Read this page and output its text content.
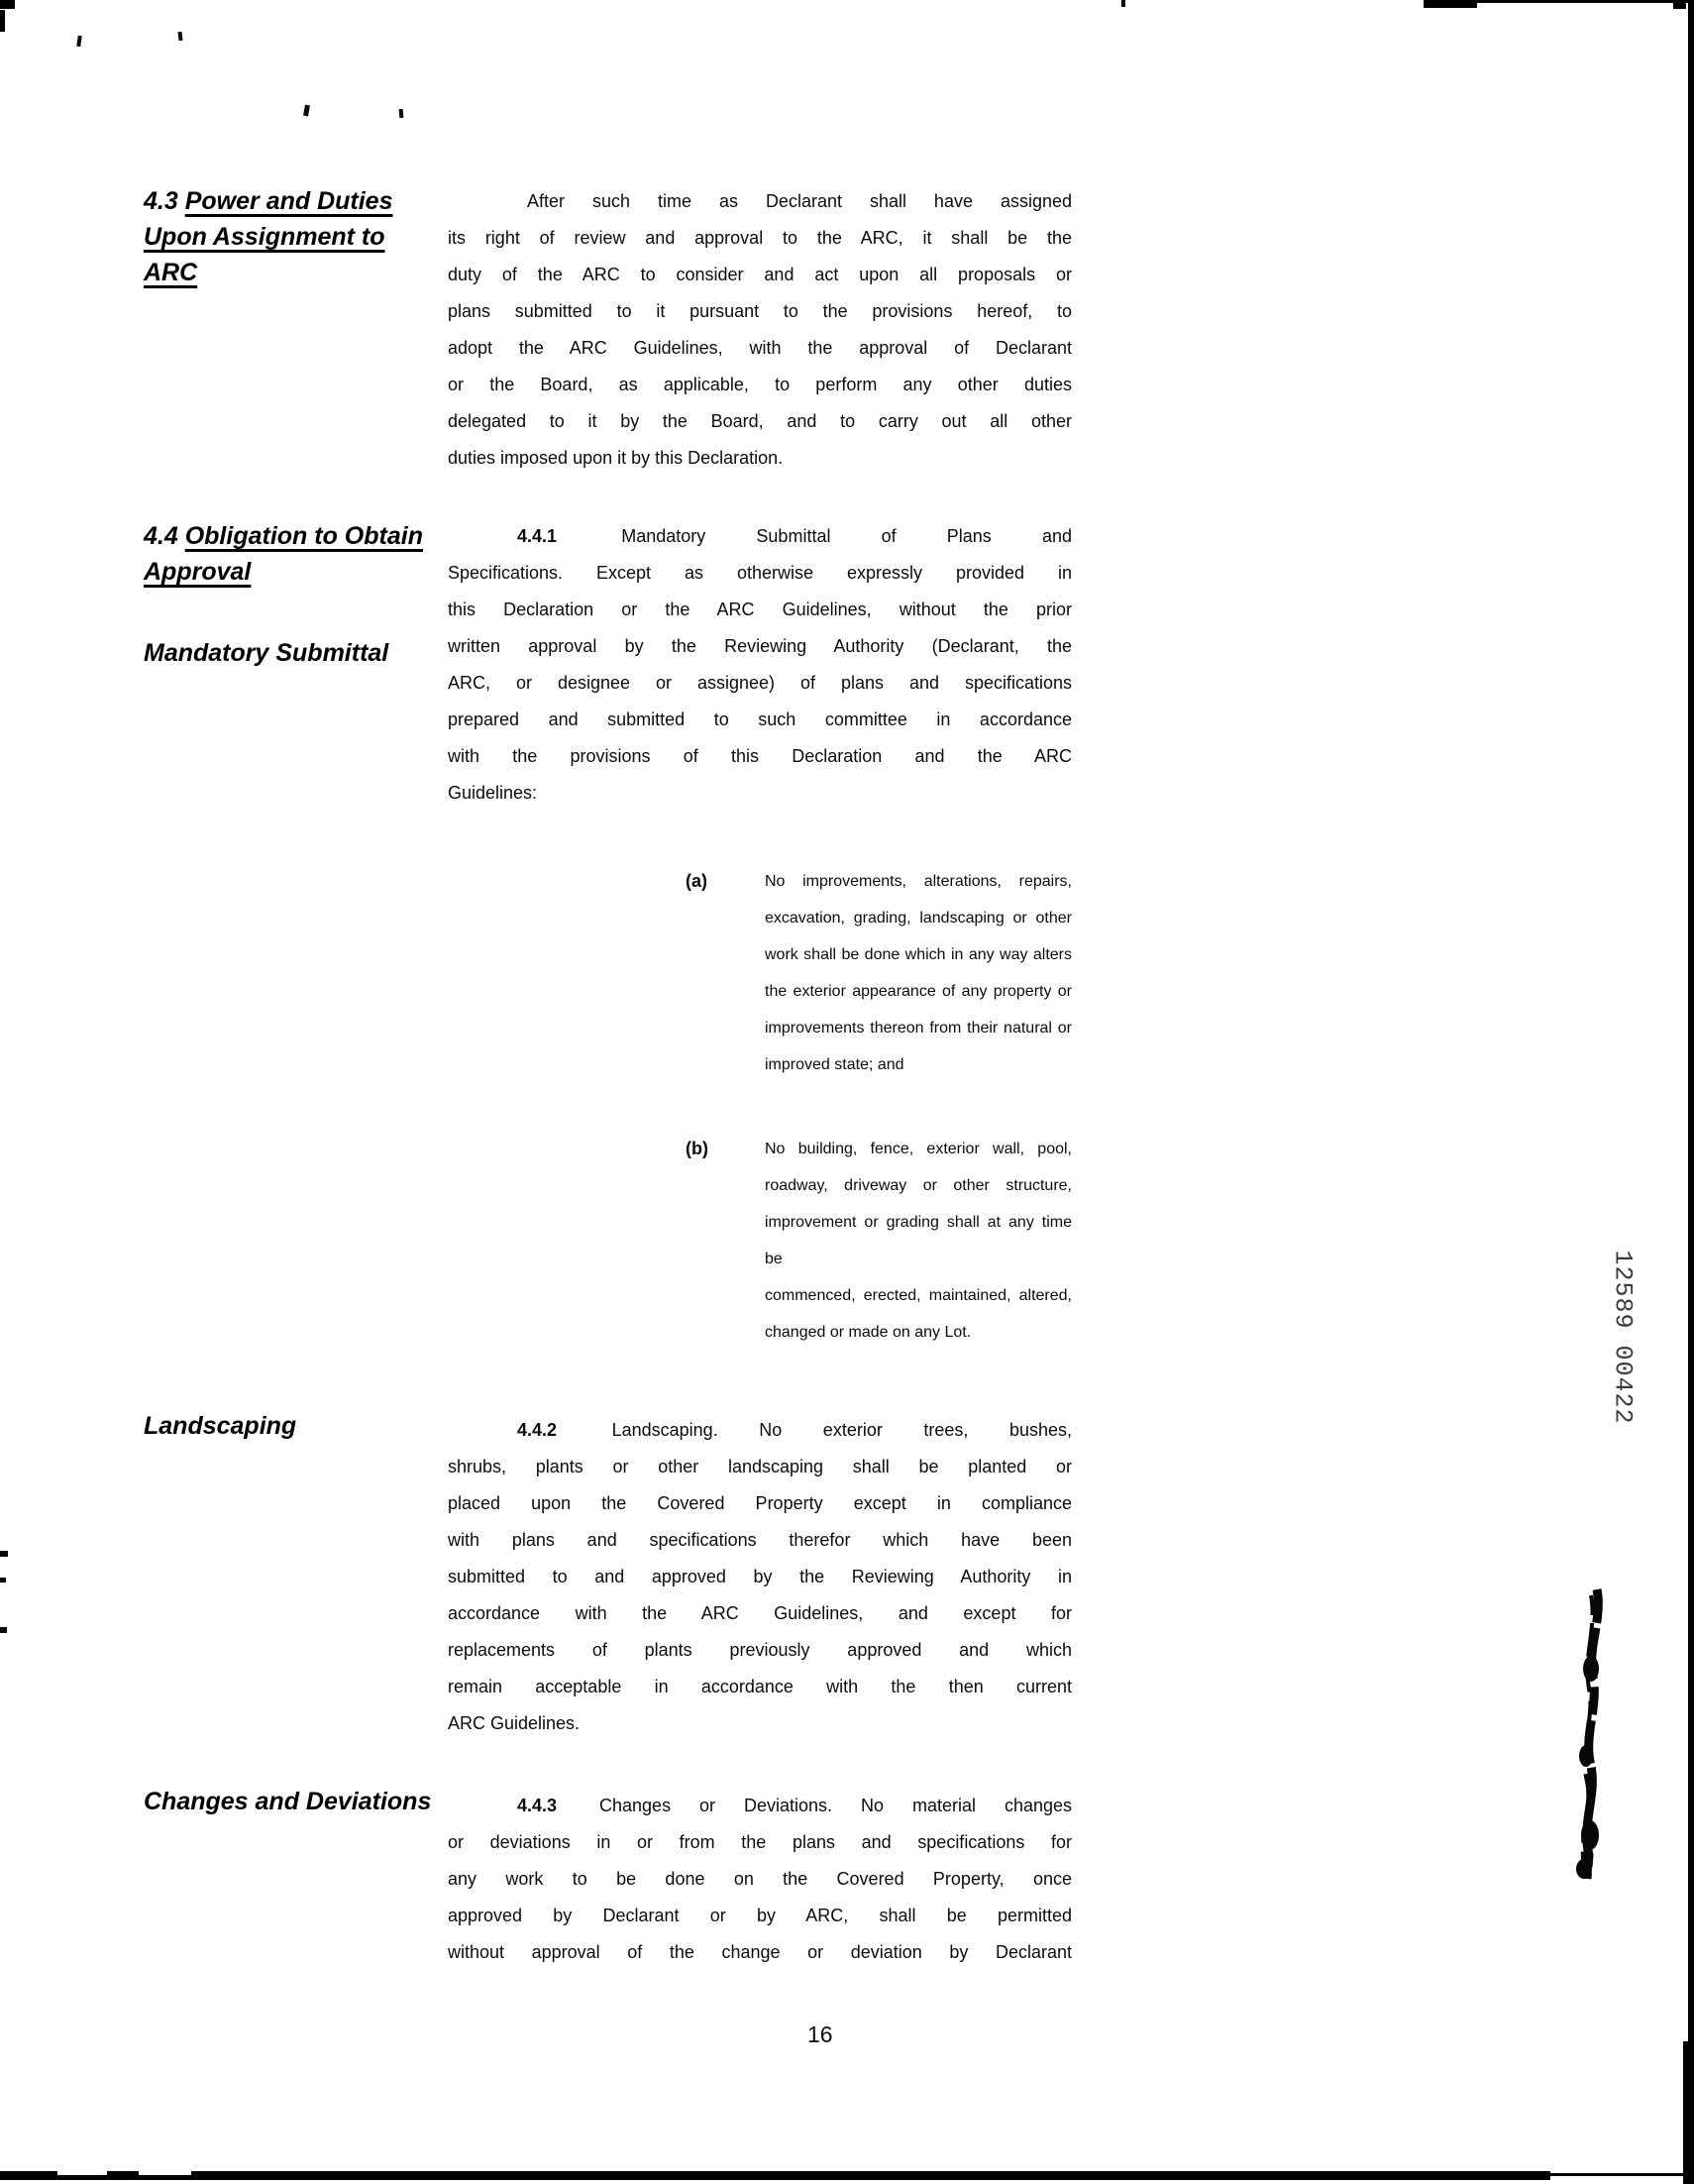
4.3 Power and Duties
Upon Assignment to
ARC
After such time as Declarant shall have assigned
its right of review and approval to the ARC, it shall be the
duty of the ARC to consider and act upon all proposals or
plans submitted to it pursuant to the provisions hereof, to
adopt the ARC Guidelines, with the approval of Declarant
or the Board, as applicable, to perform any other duties
delegated to it by the Board, and to carry out all other
duties imposed upon it by this Declaration.
4.4 Obligation to Obtain
Approval
Mandatory Submittal
4.4.1	Mandatory Submittal of Plans and
Specifications. Except as otherwise expressly provided in
this Declaration or the ARC Guidelines, without the prior
written approval by the Reviewing Authority (Declarant, the
ARC, or designee or assignee) of plans and specifications
prepared and submitted to such committee in accordance
with the provisions of this Declaration and the ARC
Guidelines:
(a)	No improvements, alterations, repairs,
excavation, grading, landscaping or other
work shall be done which in any way alters
the exterior appearance of any property or
improvements thereon from their natural or
improved state; and
(b)	No building, fence, exterior wall, pool,
roadway, driveway or other structure,
improvement or grading shall at any time be
commenced, erected, maintained, altered,
changed or made on any Lot.
Landscaping	4.4.2	Landscaping. No exterior trees, bushes,
shrubs, plants or other landscaping shall be planted or
placed upon the Covered Property except in compliance
with plans and specifications therefor which have been
submitted to and approved by the Reviewing Authority in
accordance with the ARC Guidelines, and except for
replacements of plants previously approved and which
remain acceptable in accordance with the then current
ARC Guidelines.
Changes and Deviations	4.4.3 Changes or Deviations. No material changes
or deviations in or from the plans and specifications for
any work to be done on the Covered Property, once
approved by Declarant or by ARC, shall be permitted
without approval of the change or deviation by Declarant
16
12589 00422
